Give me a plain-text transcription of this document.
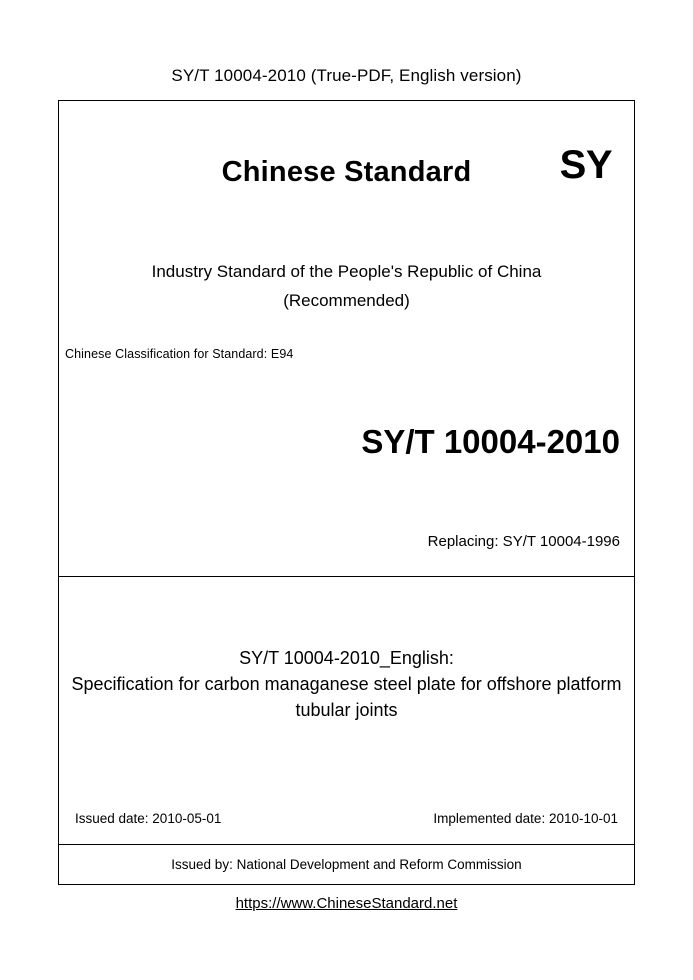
SY/T 10004-2010 (True-PDF, English version)
Chinese Standard	SY
Industry Standard of the People's Republic of China
(Recommended)
Chinese Classification for Standard: E94
SY/T 10004-2010
Replacing: SY/T 10004-1996
SY/T 10004-2010_English:
Specification for carbon managanese steel plate for offshore platform tubular joints
Issued date: 2010-05-01	Implemented date: 2010-10-01
Issued by: National Development and Reform Commission
https://www.ChineseStandard.net
